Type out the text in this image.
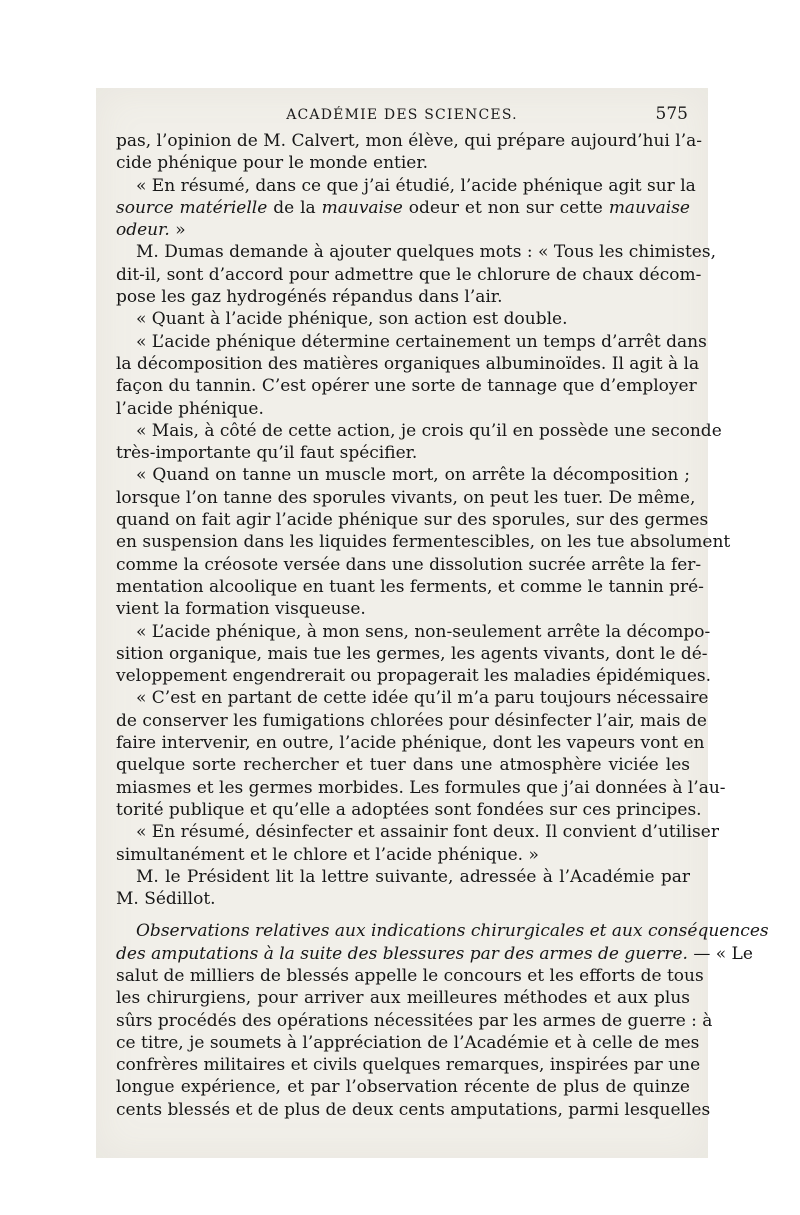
ACADÉMIE DES SCIENCES.	575
pas, l’opinion de M. Calvert, mon élève, qui prépare aujourd’hui l’a-
cide phénique pour le monde entier.
« En résumé, dans ce que j’ai étudié, l’acide phénique agit sur la
source matérielle de la mauvaise odeur et non sur cette mauvaise
odeur. »
M. Dumas demande à ajouter quelques mots : « Tous les chimistes,
dit-il, sont d’accord pour admettre que le chlorure de chaux décom-
pose les gaz hydrogénés répandus dans l’air.
« Quant à l’acide phénique, son action est double.
« L’acide phénique détermine certainement un temps d’arrêt dans
la décomposition des matières organiques albuminoïdes. Il agit à la
façon du tannin. C’est opérer une sorte de tannage que d’employer
l’acide phénique.
« Mais, à côté de cette action, je crois qu’il en possède une seconde
très-importante qu’il faut spécifier.
« Quand on tanne un muscle mort, on arrête la décomposition ;
lorsque l’on tanne des sporules vivants, on peut les tuer. De même,
quand on fait agir l’acide phénique sur des sporules, sur des germes
en suspension dans les liquides fermentescibles, on les tue absolument
comme la créosote versée dans une dissolution sucrée arrête la fer-
mentation alcoolique en tuant les ferments, et comme le tannin pré-
vient la formation visqueuse.
« L’acide phénique, à mon sens, non-seulement arrête la décompo-
sition organique, mais tue les germes, les agents vivants, dont le dé-
veloppement engendrerait ou propagerait les maladies épidémiques.
« C’est en partant de cette idée qu’il m’a paru toujours nécessaire
de conserver les fumigations chlorées pour désinfecter l’air, mais de
faire intervenir, en outre, l’acide phénique, dont les vapeurs vont en
quelque sorte rechercher et tuer dans une atmosphère viciée les
miasmes et les germes morbides. Les formules que j’ai données à l’au-
torité publique et qu’elle a adoptées sont fondées sur ces principes.
« En résumé, désinfecter et assainir font deux. Il convient d’utiliser
simultanément et le chlore et l’acide phénique. »
M. le Président lit la lettre suivante, adressée à l’Académie par
M. Sédillot.
Observations relatives aux indications chirurgicales et aux conséquences
des amputations à la suite des blessures par des armes de guerre. — « Le
salut de milliers de blessés appelle le concours et les efforts de tous
les chirurgiens, pour arriver aux meilleures méthodes et aux plus
sûrs procédés des opérations nécessitées par les armes de guerre : à
ce titre, je soumets à l’appréciation de l’Académie et à celle de mes
confrères militaires et civils quelques remarques, inspirées par une
longue expérience, et par l’observation récente de plus de quinze
cents blessés et de plus de deux cents amputations, parmi lesquelles
